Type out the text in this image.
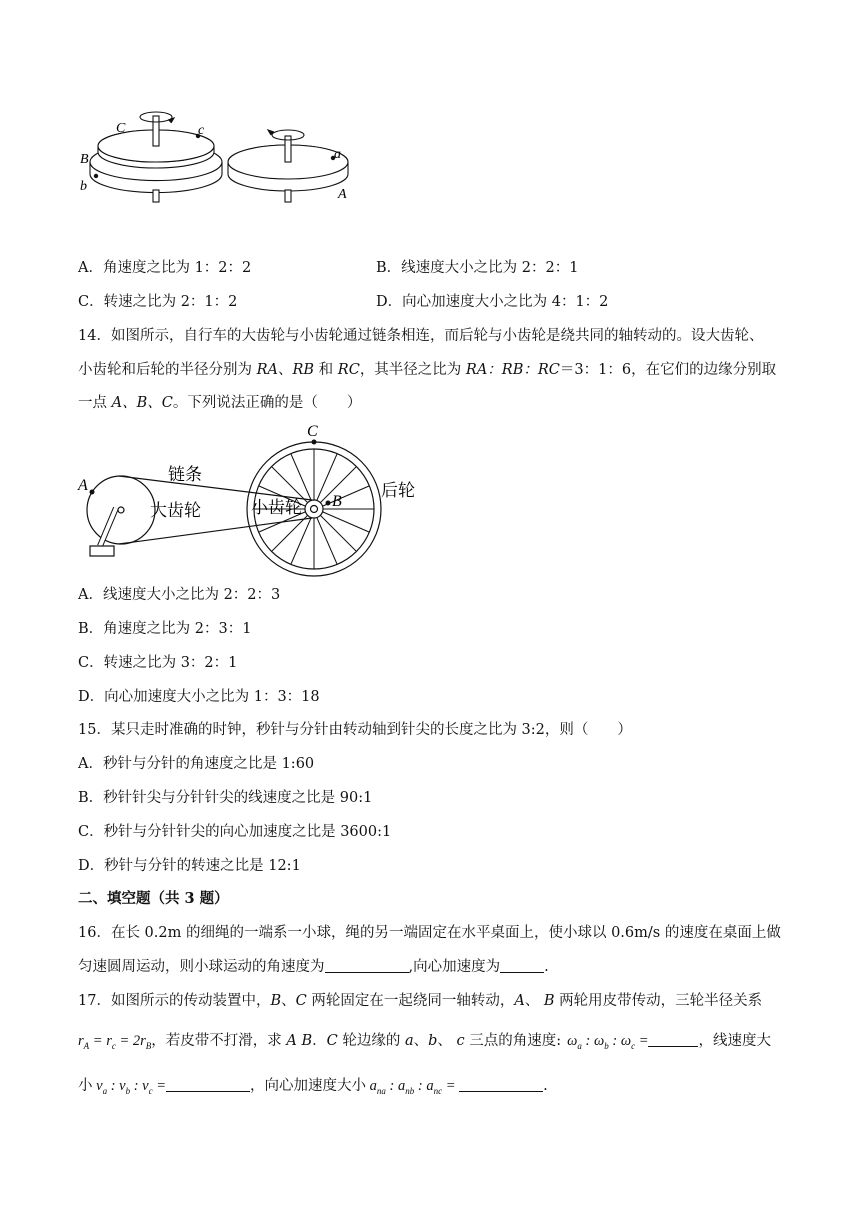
C	c
B
b
a
A
A．角速度之比为 1：2：2	B．线速度大小之比为 2：2：1
C．转速之比为 2：1：2	D．向心加速度大小之比为 4：1：2
14．如图所示，自行车的大齿轮与小齿轮通过链条相连，而后轮与小齿轮是绕共同的轴转动的。设大齿轮、
小齿轮和后轮的半径分别为 RA、RB 和 RC，其半径之比为 RA：RB：RC＝3：1：6，在它们的边缘分别取
一点 A、B、C。下列说法正确的是（　　）
A
C
B
链条
大齿轮	小齿轮
后轮
A．线速度大小之比为 2：2：3
B．角速度之比为 2：3：1
C．转速之比为 3：2：1
D．向心加速度大小之比为 1：3：18
15．某只走时准确的时钟，秒针与分针由转动轴到针尖的长度之比为 3:2，则（　　）
A．秒针与分针的角速度之比是 1:60
B．秒针针尖与分针针尖的线速度之比是 90:1
C．秒针与分针针尖的向心加速度之比是 3600:1
D．秒针与分针的转速之比是 12:1
二、填空题（共 3 题）
16．在长 0.2m 的细绳的一端系一小球，绳的另一端固定在水平桌面上，使小球以 0.6m/s 的速度在桌面上做
匀速圆周运动，则小球运动的角速度为	,向心加速度为	.
17．如图所示的传动装置中，B、C 两轮固定在一起绕同一轴转动，A、 B 两轮用皮带传动，三轮半径关系
$r_A = r_c = 2r_B$，若皮带不打滑，求 A B．C 轮边缘的 a、b、 c 三点的角速度: $\omega_a$ : $\omega_b$ : $\omega_c$ =	，线速度大
小 $v_a$ : $v_b$ : $v_c$ =	，向心加速度大小 $a_{na}$ : $a_{nb}$ : $a_{nc}$ =	.
